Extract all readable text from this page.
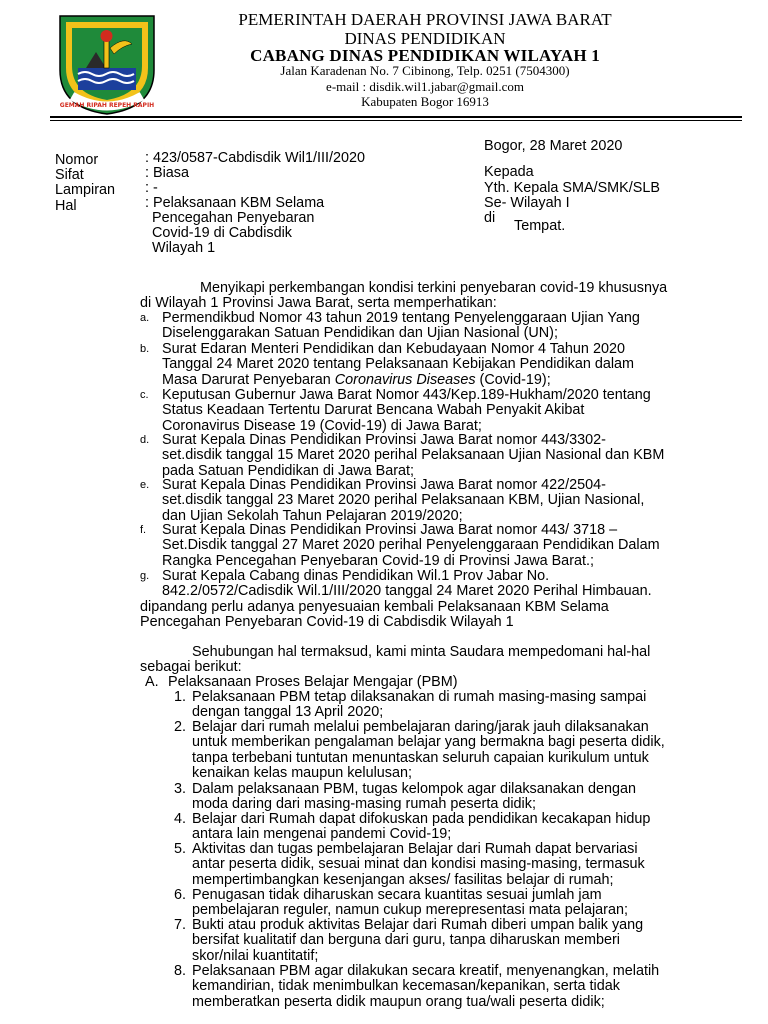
GEMAH RIPAH REPEH RAPIH
PEMERINTAH DAERAH PROVINSI JAWA BARAT
DINAS PENDIDIKAN
CABANG DINAS PENDIDIKAN WILAYAH 1
Jalan Karadenan No. 7 Cibinong, Telp. 0251 (7504300)
e-mail : disdik.wil1.jabar@gmail.com
Kabupaten Bogor 16913
Bogor, 28 Maret 2020
Kepada
Yth. Kepala SMA/SMK/SLB
Se- Wilayah I
di Tempat.
Nomor
Sifat
Lampiran
Hal
: 423/0587-Cabdisdik Wil1/III/2020
: Biasa
: -
: Pelaksanaan KBM Selama
Pencegahan Penyebaran
Covid-19 di Cabdisdik
Wilayah 1
Menyikapi perkembangan kondisi terkini penyebaran covid-19 khususnya
di Wilayah 1 Provinsi Jawa Barat, serta memperhatikan:
a. Permendikbud Nomor 43 tahun 2019 tentang Penyelenggaraan Ujian Yang
Diselenggarakan Satuan Pendidikan dan Ujian Nasional (UN);
b. Surat Edaran Menteri Pendidikan dan Kebudayaan Nomor 4 Tahun 2020
Tanggal 24 Maret 2020 tentang Pelaksanaan Kebijakan Pendidikan dalam
Masa Darurat Penyebaran Coronavirus Diseases (Covid-19);
c. Keputusan Gubernur Jawa Barat Nomor 443/Kep.189-Hukham/2020 tentang
Status Keadaan Tertentu Darurat Bencana Wabah Penyakit Akibat
Coronavirus Disease 19 (Covid-19) di Jawa Barat;
d. Surat Kepala Dinas Pendidikan Provinsi Jawa Barat nomor 443/3302-
set.disdik tanggal 15 Maret 2020 perihal Pelaksanaan Ujian Nasional dan KBM
pada Satuan Pendidikan di Jawa Barat;
e. Surat Kepala Dinas Pendidikan Provinsi Jawa Barat nomor 422/2504-
set.disdik tanggal 23 Maret 2020 perihal Pelaksanaan KBM, Ujian Nasional,
dan Ujian Sekolah Tahun Pelajaran 2019/2020;
f. Surat Kepala Dinas Pendidikan Provinsi Jawa Barat nomor 443/ 3718 –
Set.Disdik tanggal 27 Maret 2020 perihal Penyelenggaraan Pendidikan Dalam
Rangka Pencegahan Penyebaran Covid-19 di Provinsi Jawa Barat.;
g. Surat Kepala Cabang dinas Pendidikan Wil.1 Prov Jabar No.
842.2/0572/Cadisdik Wil.1/III/2020 tanggal 24 Maret 2020 Perihal Himbauan.
dipandang perlu adanya penyesuaian kembali Pelaksanaan KBM Selama
Pencegahan Penyebaran Covid-19 di Cabdisdik Wilayah 1
Sehubungan hal termaksud, kami minta Saudara mempedomani hal-hal
sebagai berikut:
A. Pelaksanaan Proses Belajar Mengajar (PBM)
1. Pelaksanaan PBM tetap dilaksanakan di rumah masing-masing sampai
dengan tanggal 13 April 2020;
2. Belajar dari rumah melalui pembelajaran daring/jarak jauh dilaksanakan
untuk memberikan pengalaman belajar yang bermakna bagi peserta didik,
tanpa terbebani tuntutan menuntaskan seluruh capaian kurikulum untuk
kenaikan kelas maupun kelulusan;
3. Dalam pelaksanaan PBM, tugas kelompok agar dilaksanakan dengan
moda daring dari masing-masing rumah peserta didik;
4. Belajar dari Rumah dapat difokuskan pada pendidikan kecakapan hidup
antara lain mengenai pandemi Covid-19;
5. Aktivitas dan tugas pembelajaran Belajar dari Rumah dapat bervariasi
antar peserta didik, sesuai minat dan kondisi masing-masing, termasuk
mempertimbangkan kesenjangan akses/ fasilitas belajar di rumah;
6. Penugasan tidak diharuskan secara kuantitas sesuai jumlah jam
pembelajaran reguler, namun cukup merepresentasi mata pelajaran;
7. Bukti atau produk aktivitas Belajar dari Rumah diberi umpan balik yang
bersifat kualitatif dan berguna dari guru, tanpa diharuskan memberi
skor/nilai kuantitatif;
8. Pelaksanaan PBM agar dilakukan secara kreatif, menyenangkan, melatih
kemandirian, tidak menimbulkan kecemasan/kepanikan, serta tidak
memberatkan peserta didik maupun orang tua/wali peserta didik;
